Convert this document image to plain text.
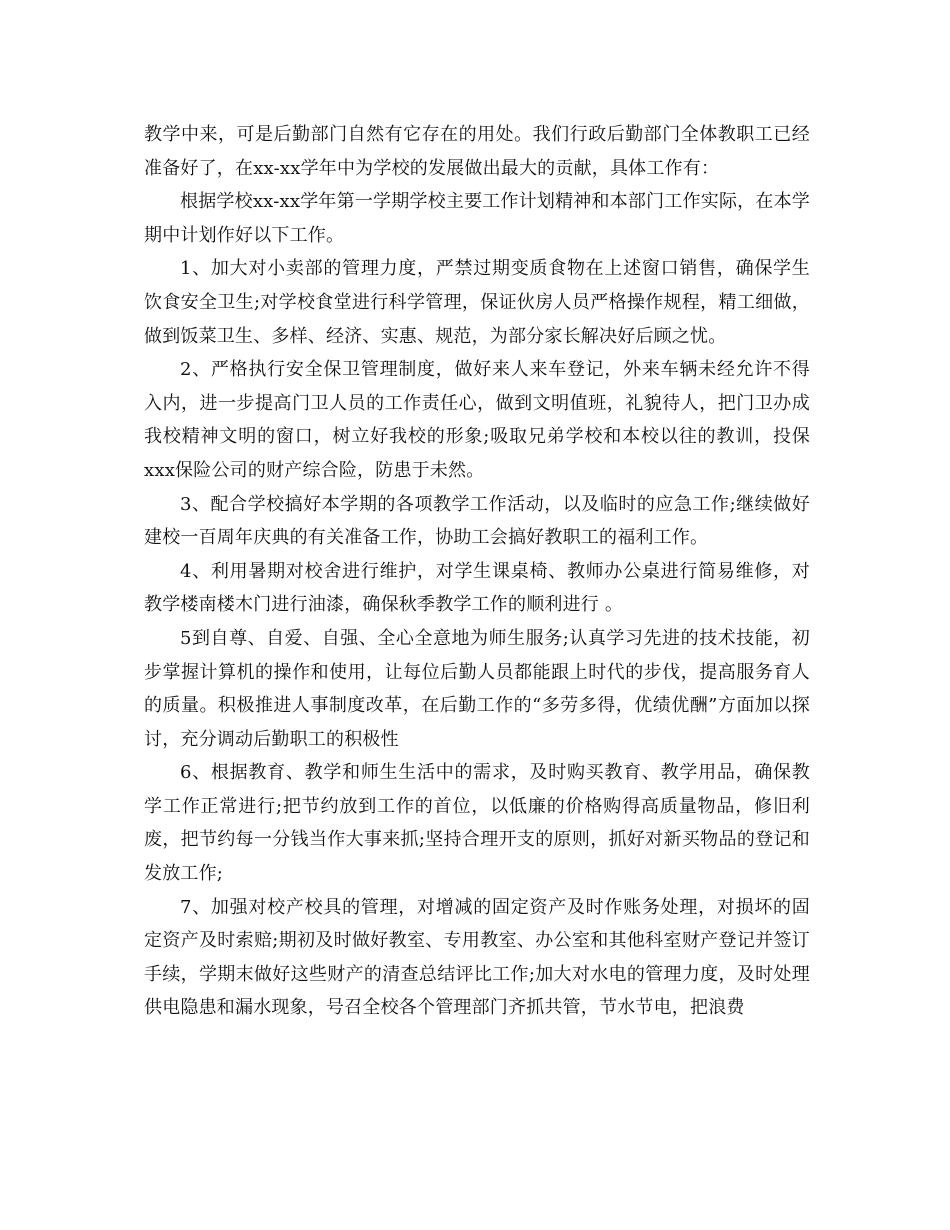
教学中来，可是后勤部门自然有它存在的用处。我们行政后勤部门全体教职工已经准备好了，在xx-xx学年中为学校的发展做出最大的贡献，具体工作有：

根据学校xx-xx学年第一学期学校主要工作计划精神和本部门工作实际，在本学期中计划作好以下工作。

1、加大对小卖部的管理力度，严禁过期变质食物在上述窗口销售，确保学生饮食安全卫生;对学校食堂进行科学管理，保证伙房人员严格操作规程，精工细做，做到饭菜卫生、多样、经济、实惠、规范，为部分家长解决好后顾之忧。

2、严格执行安全保卫管理制度，做好来人来车登记，外来车辆未经允许不得入内，进一步提高门卫人员的工作责任心，做到文明值班，礼貌待人，把门卫办成我校精神文明的窗口，树立好我校的形象;吸取兄弟学校和本校以往的教训，投保xxx保险公司的财产综合险，防患于未然。

3、配合学校搞好本学期的各项教学工作活动，以及临时的应急工作;继续做好建校一百周年庆典的有关准备工作，协助工会搞好教职工的福利工作。

4、利用暑期对校舍进行维护，对学生课桌椅、教师办公桌进行简易维修，对教学楼南楼木门进行油漆，确保秋季教学工作的顺利进行 。

5到自尊、自爱、自强、全心全意地为师生服务;认真学习先进的技术技能，初步掌握计算机的操作和使用，让每位后勤人员都能跟上时代的步伐，提高服务育人的质量。积极推进人事制度改革，在后勤工作的“多劳多得，优绩优酬”方面加以探讨，充分调动后勤职工的积极性

6、根据教育、教学和师生生活中的需求，及时购买教育、教学用品，确保教学工作正常进行;把节约放到工作的首位，以低廉的价格购得高质量物品，修旧利废，把节约每一分钱当作大事来抓;坚持合理开支的原则，抓好对新买物品的登记和发放工作;

7、加强对校产校具的管理，对增减的固定资产及时作账务处理，对损坏的固定资产及时索赔;期初及时做好教室、专用教室、办公室和其他科室财产登记并签订手续，学期末做好这些财产的清查总结评比工作;加大对水电的管理力度，及时处理供电隐患和漏水现象，号召全校各个管理部门齐抓共管，节水节电，把浪费
